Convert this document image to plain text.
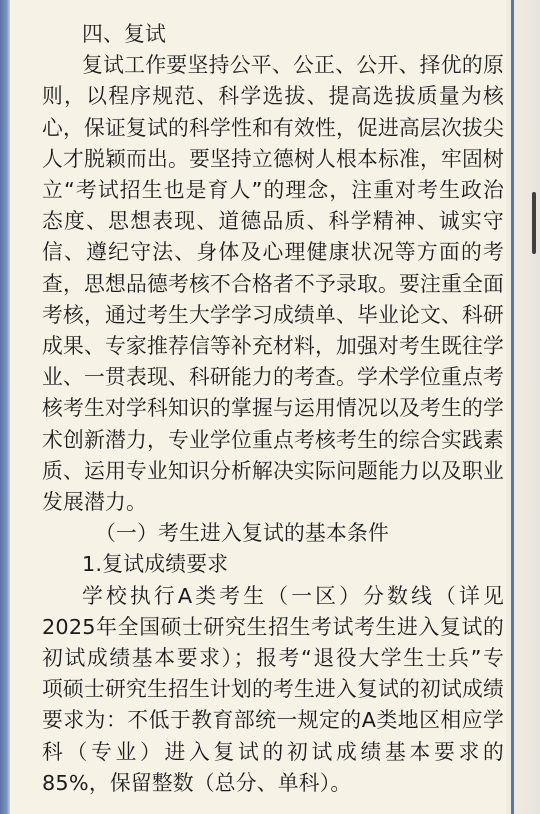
四、复试
复试工作要坚持公平、公正、公开、择优的原
则，以程序规范、科学选拔、提高选拔质量为核
心，保证复试的科学性和有效性，促进高层次拔尖
人才脱颖而出。要坚持立德树人根本标准，牢固树
立“考试招生也是育人”的理念，注重对考生政治
态度、思想表现、道德品质、科学精神、诚实守
信、遵纪守法、身体及心理健康状况等方面的考
查，思想品德考核不合格者不予录取。要注重全面
考核，通过考生大学学习成绩单、毕业论文、科研
成果、专家推荐信等补充材料，加强对考生既往学
业、一贯表现、科研能力的考查。学术学位重点考
核考生对学科知识的掌握与运用情况以及考生的学
术创新潜力，专业学位重点考核考生的综合实践素
质、运用专业知识分析解决实际问题能力以及职业
发展潜力。
（一）考生进入复试的基本条件
1.复试成绩要求
学校执行A类考生（一区）分数线（详见
2025年全国硕士研究生招生考试考生进入复试的
初试成绩基本要求）；报考“退役大学生士兵”专
项硕士研究生招生计划的考生进入复试的初试成绩
要求为：不低于教育部统一规定的A类地区相应学
科（专业）进入复试的初试成绩基本要求的
85%，保留整数（总分、单科）。
